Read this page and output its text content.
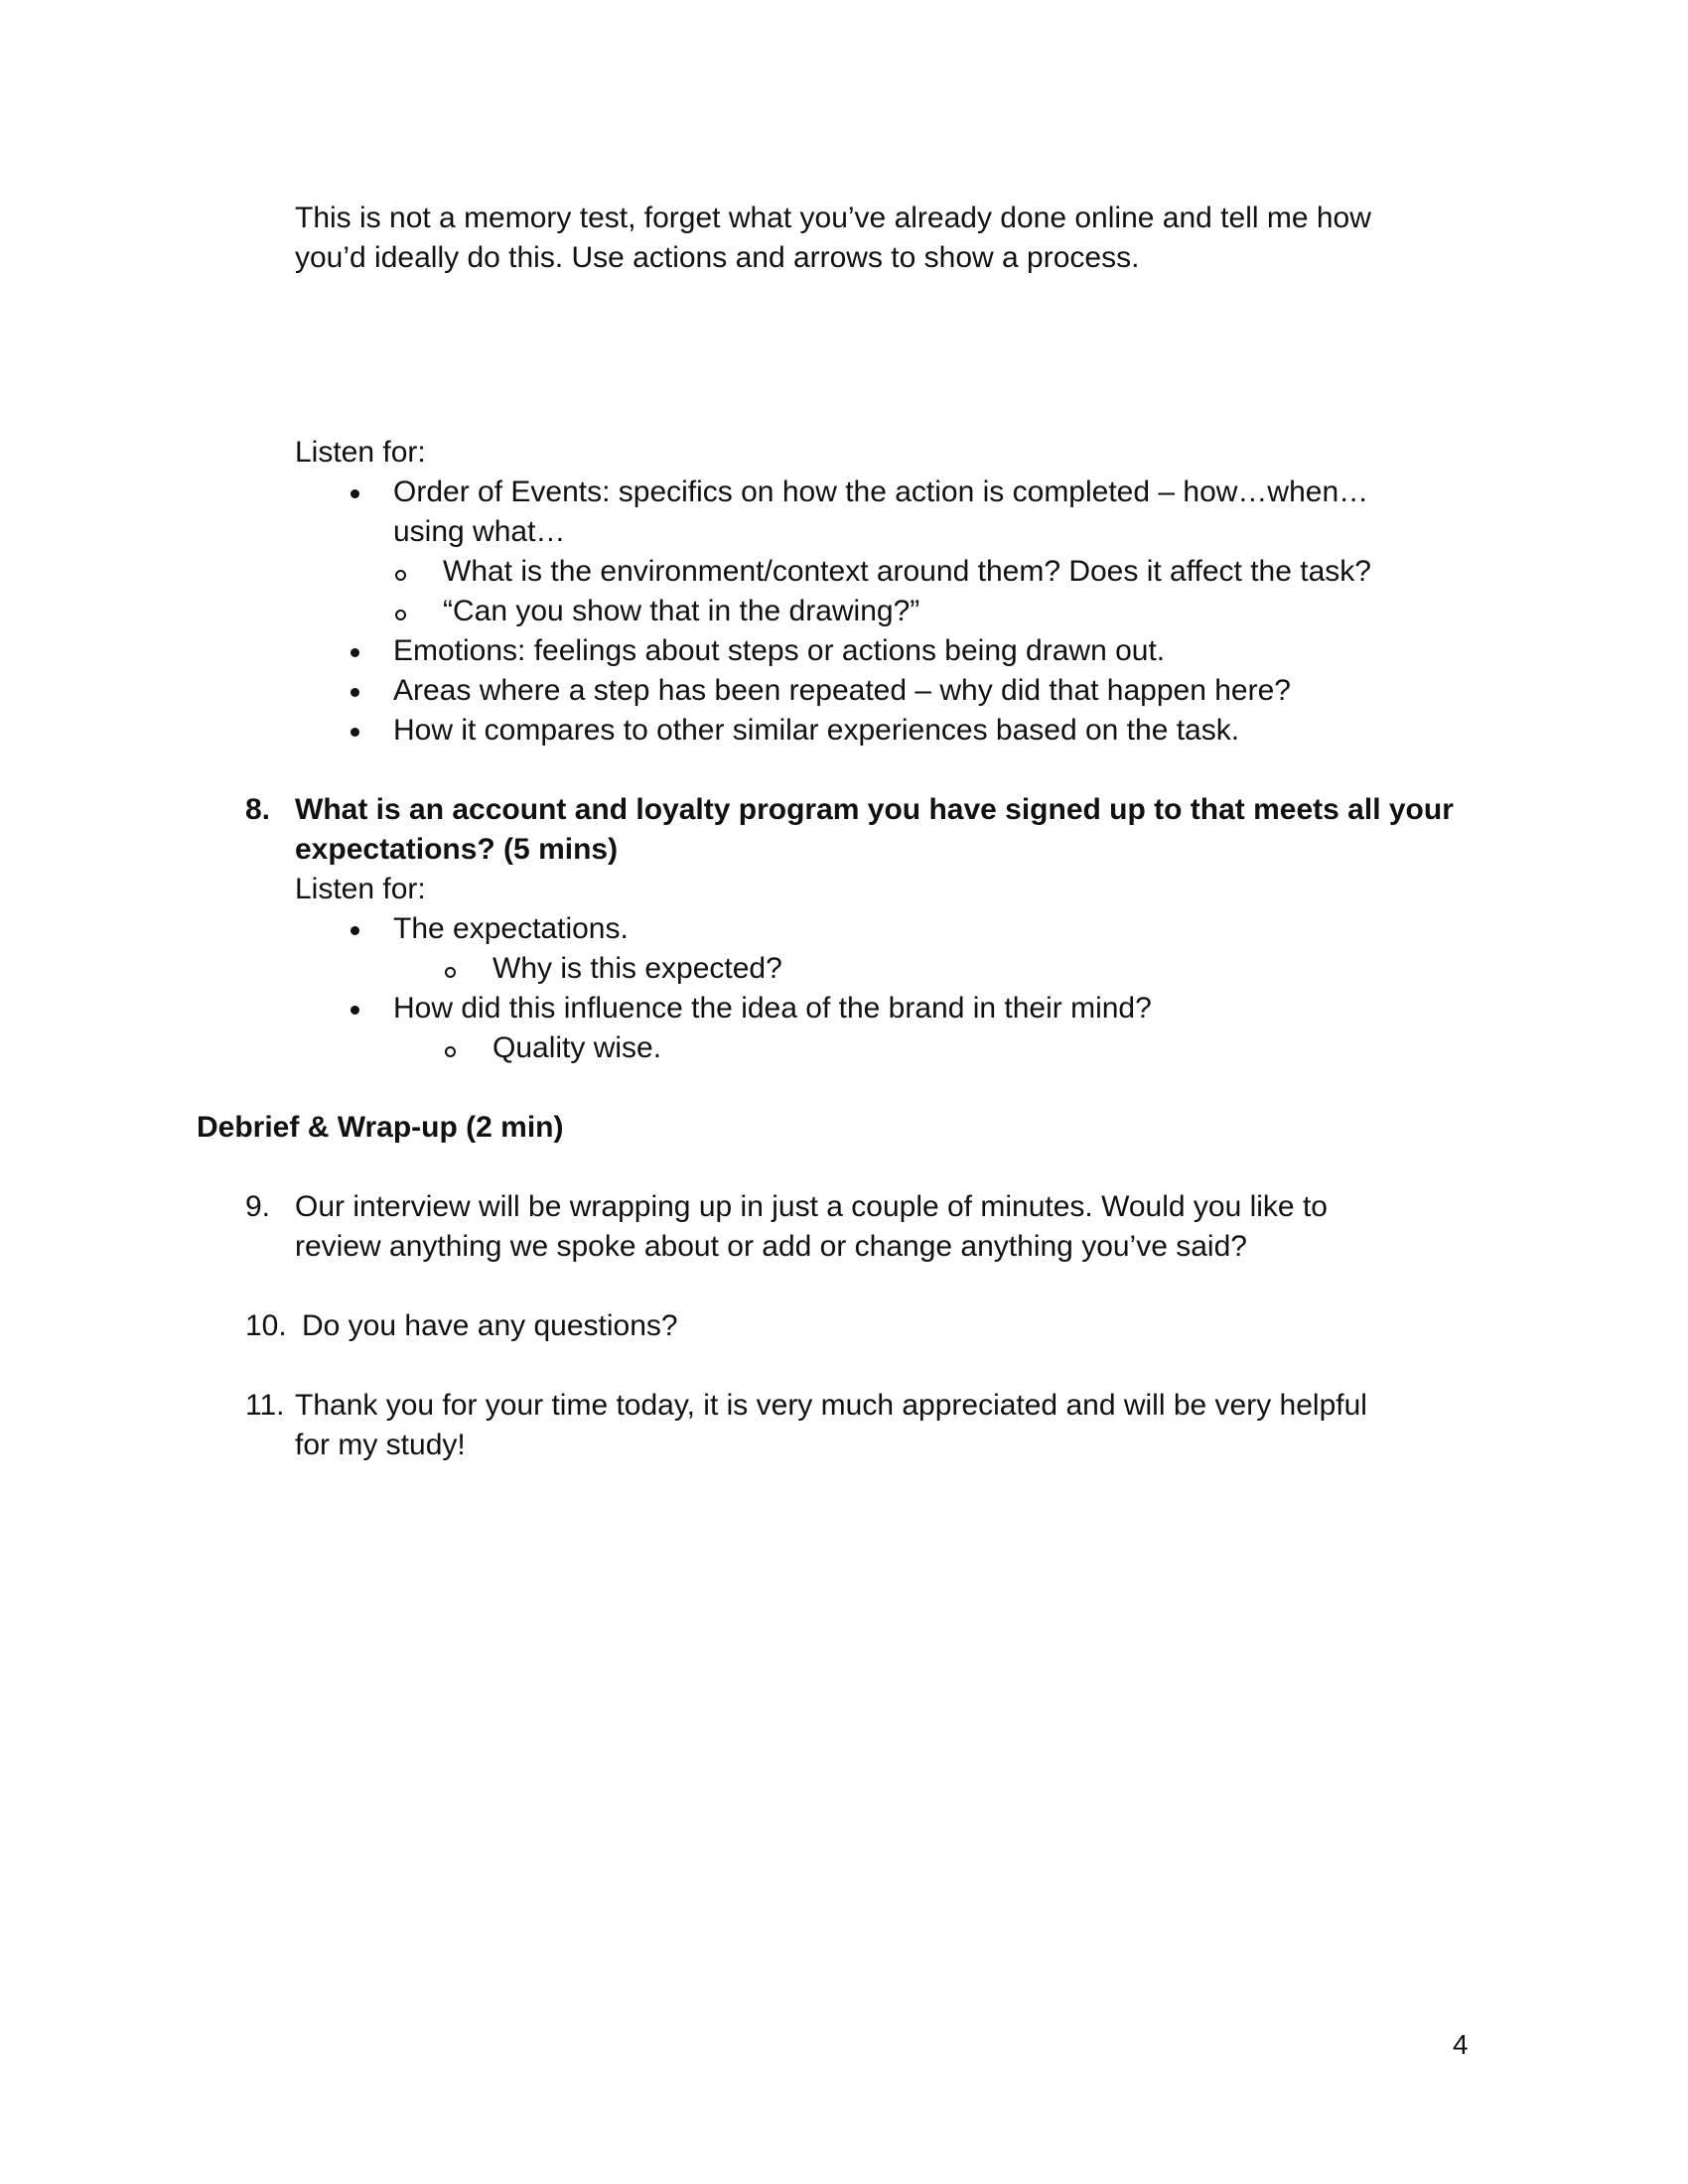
This is not a memory test, forget what you’ve already done online and tell me how
you’d ideally do this. Use actions and arrows to show a process.
Listen for:
Order of Events: specifics on how the action is completed – how…when…
using what…
What is the environment/context around them? Does it affect the task?
“Can you show that in the drawing?”
Emotions: feelings about steps or actions being drawn out.
Areas where a step has been repeated – why did that happen here?
How it compares to other similar experiences based on the task.
8. What is an account and loyalty program you have signed up to that meets all your
expectations? (5 mins)
Listen for:
The expectations.
Why is this expected?
How did this influence the idea of the brand in their mind?
Quality wise.
Debrief & Wrap-up (2 min)
9. Our interview will be wrapping up in just a couple of minutes. Would you like to
review anything we spoke about or add or change anything you’ve said?
10. Do you have any questions?
11. Thank you for your time today, it is very much appreciated and will be very helpful
for my study!
4
